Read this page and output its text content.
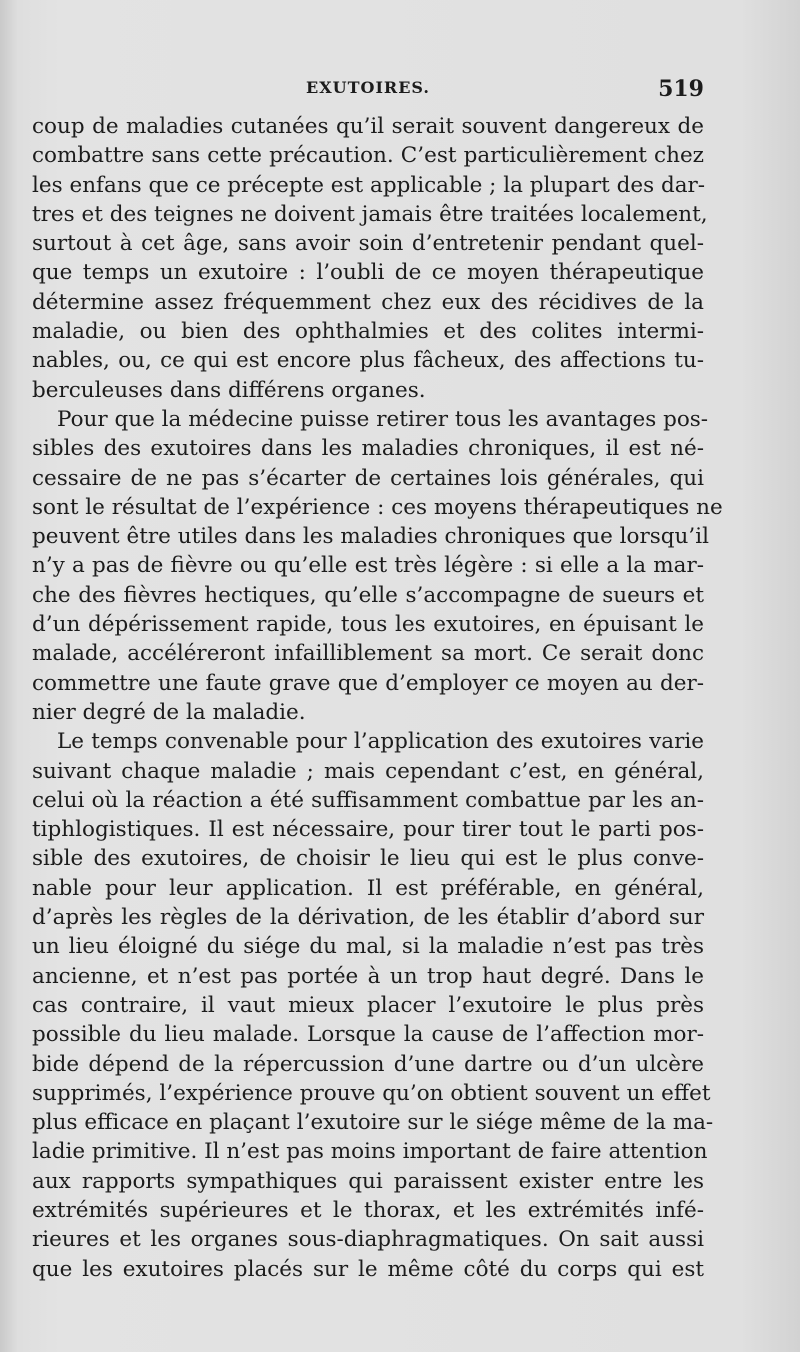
EXUTOIRES.	519
coup de maladies cutanées qu’il serait souvent dangereux de
combattre sans cette précaution. C’est particulièrement chez
les enfans que ce précepte est applicable ; la plupart des dar-
tres et des teignes ne doivent jamais être traitées localement,
surtout à cet âge, sans avoir soin d’entretenir pendant quel-
que temps un exutoire : l’oubli de ce moyen thérapeutique
détermine assez fréquemment chez eux des récidives de la
maladie, ou bien des ophthalmies et des colites intermi-
nables, ou, ce qui est encore plus fâcheux, des affections tu-
berculeuses dans différens organes.
Pour que la médecine puisse retirer tous les avantages pos-
sibles des exutoires dans les maladies chroniques, il est né-
cessaire de ne pas s’écarter de certaines lois générales, qui
sont le résultat de l’expérience : ces moyens thérapeutiques ne
peuvent être utiles dans les maladies chroniques que lorsqu’il
n’y a pas de fièvre ou qu’elle est très légère : si elle a la mar-
che des fièvres hectiques, qu’elle s’accompagne de sueurs et
d’un dépérissement rapide, tous les exutoires, en épuisant le
malade, accéléreront infailliblement sa mort. Ce serait donc
commettre une faute grave que d’employer ce moyen au der-
nier degré de la maladie.
Le temps convenable pour l’application des exutoires varie
suivant chaque maladie ; mais cependant c’est, en général,
celui où la réaction a été suffisamment combattue par les an-
tiphlogistiques. Il est nécessaire, pour tirer tout le parti pos-
sible des exutoires, de choisir le lieu qui est le plus conve-
nable pour leur application. Il est préférable, en général,
d’après les règles de la dérivation, de les établir d’abord sur
un lieu éloigné du siége du mal, si la maladie n’est pas très
ancienne, et n’est pas portée à un trop haut degré. Dans le
cas contraire, il vaut mieux placer l’exutoire le plus près
possible du lieu malade. Lorsque la cause de l’affection mor-
bide dépend de la répercussion d’une dartre ou d’un ulcère
supprimés, l’expérience prouve qu’on obtient souvent un effet
plus efficace en plaçant l’exutoire sur le siége même de la ma-
ladie primitive. Il n’est pas moins important de faire attention
aux rapports sympathiques qui paraissent exister entre les
extrémités supérieures et le thorax, et les extrémités infé-
rieures et les organes sous-diaphragmatiques. On sait aussi
que les exutoires placés sur le même côté du corps qui est
